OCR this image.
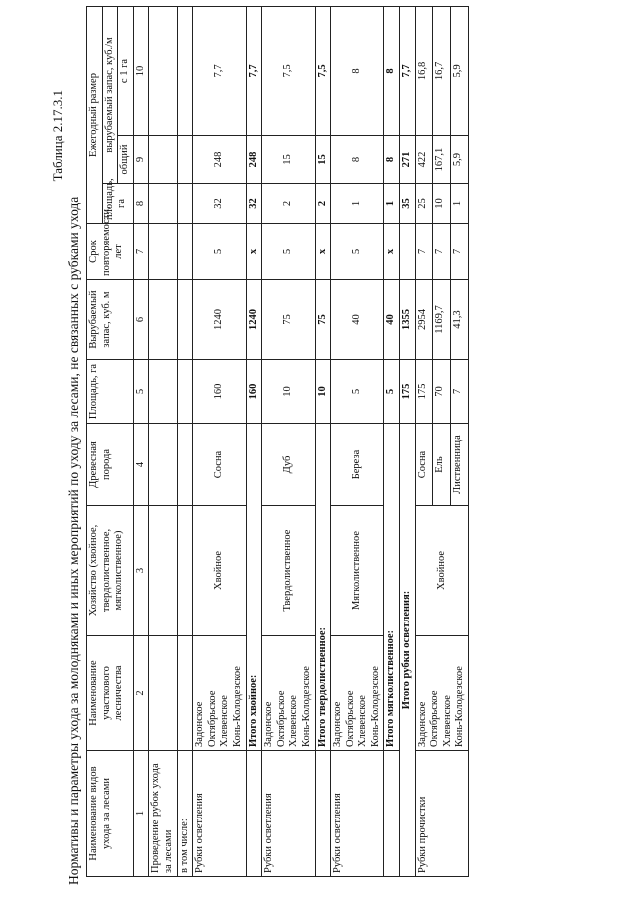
Таблица 2.17.3.1
Нормативы и параметры ухода за молодняками и иных мероприятий по уходу за лесами, не связанных с рубками ухода Наименование видов ухода за лесами	Наименование участкового лесничества	Хозяйство (хвойное, твердолиственное, мягколиственное)	Древесная порода	Площадь, га	Вырубаемый запас, куб. м	Срок повторяемости, лет	Ежегодный размер		
							площадь, га	вырубаемый запас, куб./м	
								общий	с 1 га
1	2	3	4	5	6	7	8	9	10
Проведение рубок ухода за лесами									
в том числе:									
Рубки осветления	Задонское Октябрьское Хлевенское Конь-Колодезское	Хвойное	Сосна	160	1240	5	32	248	7,7
	Итого хвойное:			160	1240	x	32	248	7,7
Рубки осветления	Задонское Октябрьское Хлевенское Конь-Колодезское	Твердолиственное	Дуб	10	75	5	2	15	7,5
	Итого твердолиственное:			10	75	x	2	15	7,5
Рубки осветления	Задонское Октябрьское Хлевенское Конь-Колодезское	Мягколиственное	Береза	5	40	5	1	8	8
	Итого мягколиственное:			5	40	x	1	8	8
Итого рубки осветления:				175	1355		35	271	7,7
Рубки прочистки	Задонское Октябрьское Хлевенское Конь-Колодезское	Хвойное	Сосна	175	2954	7	25	422	16,8
			Ель	70	1169,7	7	10	167,1	16,7
			Лиственница	7	41,3	7	1	5,9	5,9
